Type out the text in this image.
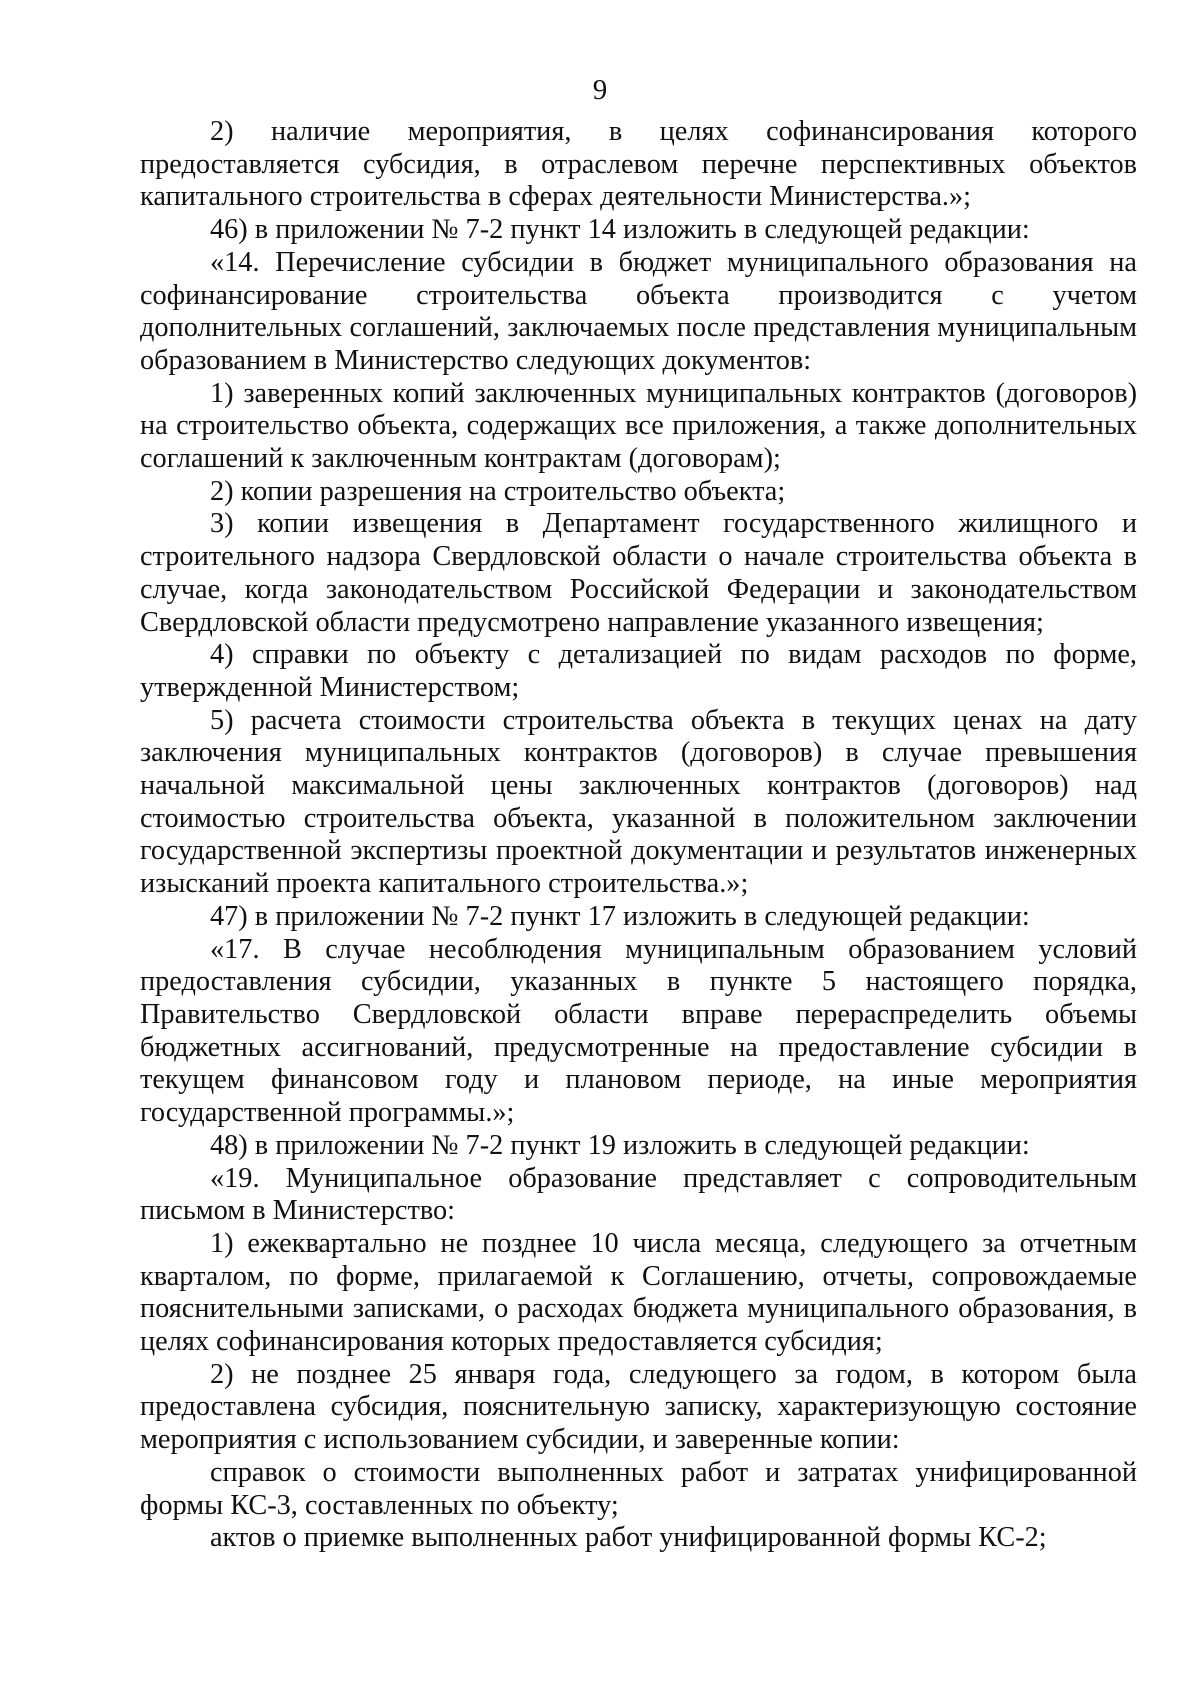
9

2) наличие мероприятия, в целях софинансирования которого предоставляется субсидия, в отраслевом перечне перспективных объектов капитального строительства в сферах деятельности Министерства.»;

46) в приложении № 7-2 пункт 14 изложить в следующей редакции:

«14. Перечисление субсидии в бюджет муниципального образования на софинансирование строительства объекта производится с учетом дополнительных соглашений, заключаемых после представления муниципальным образованием в Министерство следующих документов:

1) заверенных копий заключенных муниципальных контрактов (договоров) на строительство объекта, содержащих все приложения, а также дополнительных соглашений к заключенным контрактам (договорам);

2) копии разрешения на строительство объекта;

3) копии извещения в Департамент государственного жилищного и строительного надзора Свердловской области о начале строительства объекта в случае, когда законодательством Российской Федерации и законодательством Свердловской области предусмотрено направление указанного извещения;

4) справки по объекту с детализацией по видам расходов по форме, утвержденной Министерством;

5) расчета стоимости строительства объекта в текущих ценах на дату заключения муниципальных контрактов (договоров) в случае превышения начальной максимальной цены заключенных контрактов (договоров) над стоимостью строительства объекта, указанной в положительном заключении государственной экспертизы проектной документации и результатов инженерных изысканий проекта капитального строительства.»;

47) в приложении № 7-2 пункт 17 изложить в следующей редакции:

«17. В случае несоблюдения муниципальным образованием условий предоставления субсидии, указанных в пункте 5 настоящего порядка, Правительство Свердловской области вправе перераспределить объемы бюджетных ассигнований, предусмотренные на предоставление субсидии в текущем финансовом году и плановом периоде, на иные мероприятия государственной программы.»;

48) в приложении № 7-2 пункт 19 изложить в следующей редакции:

«19. Муниципальное образование представляет с сопроводительным письмом в Министерство:

1) ежеквартально не позднее 10 числа месяца, следующего за отчетным кварталом, по форме, прилагаемой к Соглашению, отчеты, сопровождаемые пояснительными записками, о расходах бюджета муниципального образования, в целях софинансирования которых предоставляется субсидия;

2) не позднее 25 января года, следующего за годом, в котором была предоставлена субсидия, пояснительную записку, характеризующую состояние мероприятия с использованием субсидии, и заверенные копии:

справок о стоимости выполненных работ и затратах унифицированной формы КС-3, составленных по объекту;

актов о приемке выполненных работ унифицированной формы КС-2;
